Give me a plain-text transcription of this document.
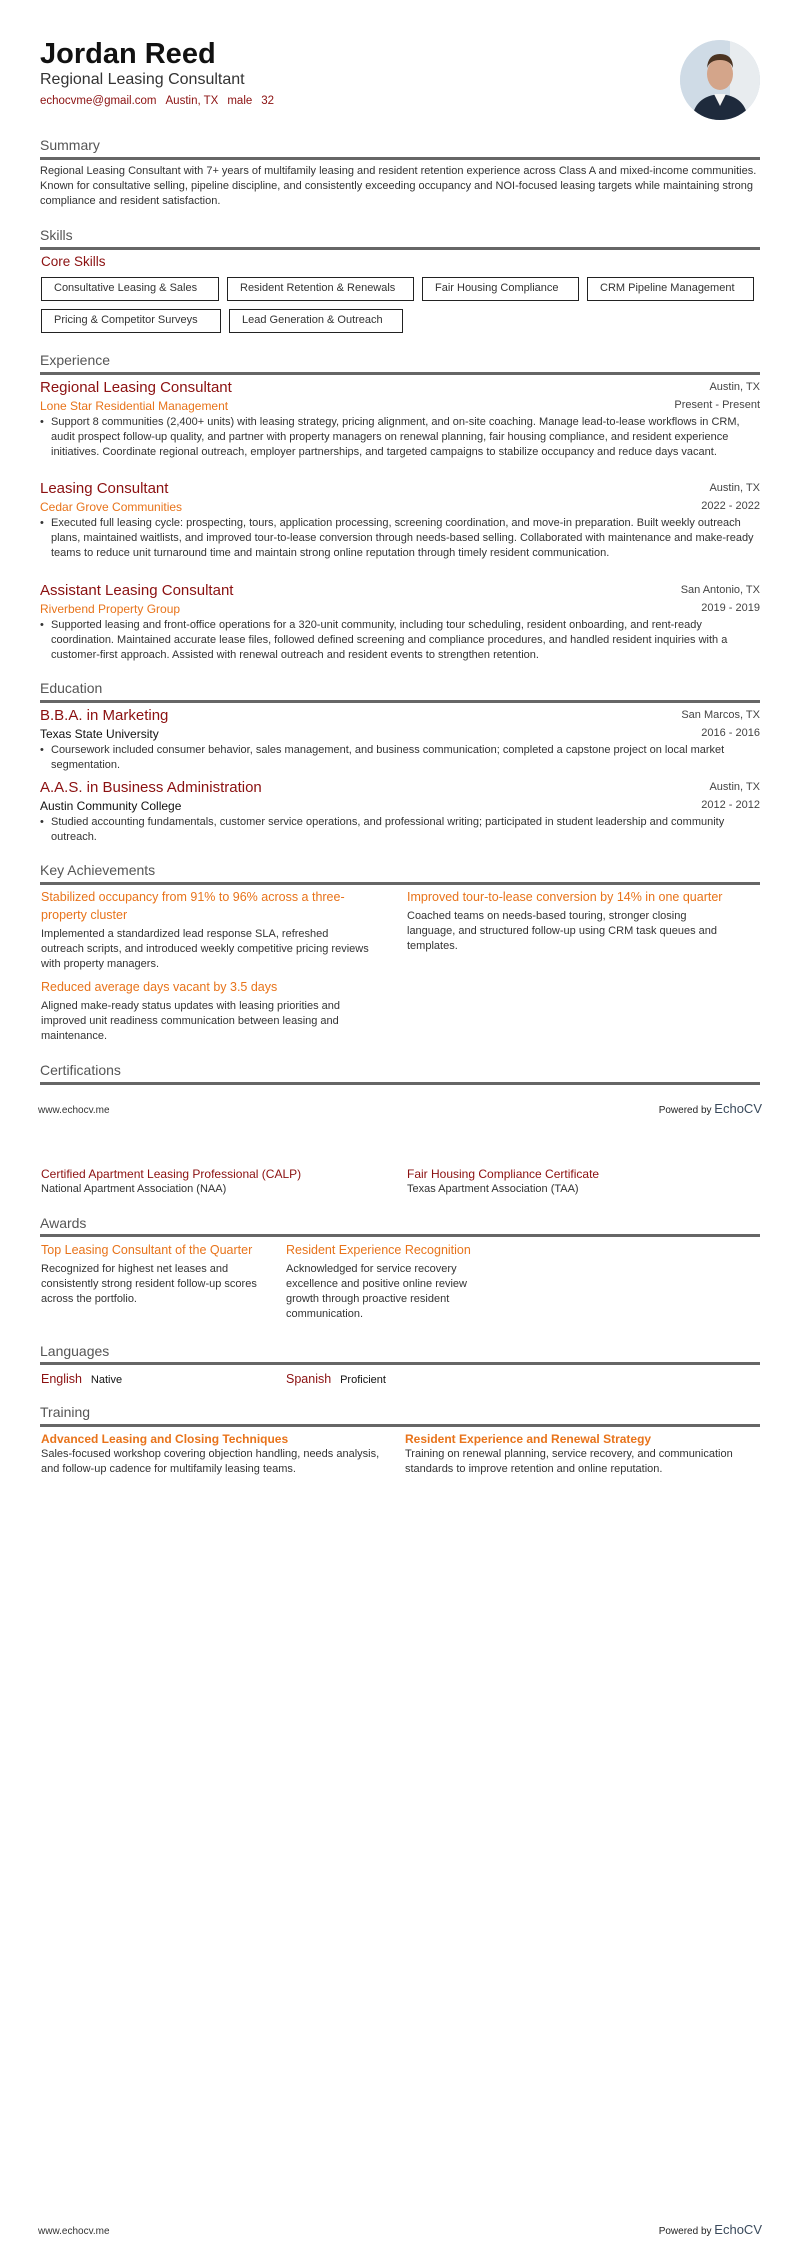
Jordan Reed
Regional Leasing Consultant
echocvme@gmail.com Austin, TX male 32
Summary
Regional Leasing Consultant with 7+ years of multifamily leasing and resident retention experience across Class A and mixed-income communities. Known for consultative selling, pipeline discipline, and consistently exceeding occupancy and NOI-focused leasing targets while maintaining strong compliance and resident satisfaction.
Skills
Core Skills
Consultative Leasing & Sales	Resident Retention & Renewals	Fair Housing Compliance	CRM Pipeline Management
Pricing & Competitor Surveys	Lead Generation & Outreach
Experience
Regional Leasing Consultant	Austin, TX
Lone Star Residential Management	Present - Present
• Support 8 communities (2,400+ units) with leasing strategy, pricing alignment, and on-site coaching. Manage lead-to-lease workflows in CRM, audit prospect follow-up quality, and partner with property managers on renewal planning, fair housing compliance, and resident experience initiatives. Coordinate regional outreach, employer partnerships, and targeted campaigns to stabilize occupancy and reduce days vacant.
Leasing Consultant	Austin, TX
Cedar Grove Communities	2022 - 2022
• Executed full leasing cycle: prospecting, tours, application processing, screening coordination, and move-in preparation. Built weekly outreach plans, maintained waitlists, and improved tour-to-lease conversion through needs-based selling. Collaborated with maintenance and make-ready teams to reduce unit turnaround time and maintain strong online reputation through timely resident communication.
Assistant Leasing Consultant	San Antonio, TX
Riverbend Property Group	2019 - 2019
• Supported leasing and front-office operations for a 320-unit community, including tour scheduling, resident onboarding, and rent-ready coordination. Maintained accurate lease files, followed defined screening and compliance procedures, and handled resident inquiries with a customer-first approach. Assisted with renewal outreach and resident events to strengthen retention.
Education
B.B.A. in Marketing	San Marcos, TX
Texas State University	2016 - 2016
• Coursework included consumer behavior, sales management, and business communication; completed a capstone project on local market segmentation.
A.A.S. in Business Administration	Austin, TX
Austin Community College	2012 - 2012
• Studied accounting fundamentals, customer service operations, and professional writing; participated in student leadership and community outreach.
Key Achievements
Stabilized occupancy from 91% to 96% across a three-property cluster
Implemented a standardized lead response SLA, refreshed outreach scripts, and introduced weekly competitive pricing reviews with property managers.
Improved tour-to-lease conversion by 14% in one quarter
Coached teams on needs-based touring, stronger closing language, and structured follow-up using CRM task queues and templates.
Reduced average days vacant by 3.5 days
Aligned make-ready status updates with leasing priorities and improved unit readiness communication between leasing and maintenance.
Certifications
www.echocv.me	Powered by EchoCV
Certified Apartment Leasing Professional (CALP)
National Apartment Association (NAA)
Fair Housing Compliance Certificate
Texas Apartment Association (TAA)
Awards
Top Leasing Consultant of the Quarter
Recognized for highest net leases and consistently strong resident follow-up scores across the portfolio.
Resident Experience Recognition
Acknowledged for service recovery excellence and positive online review growth through proactive resident communication.
Languages
English Native	Spanish Proficient
Training
Advanced Leasing and Closing Techniques
Sales-focused workshop covering objection handling, needs analysis, and follow-up cadence for multifamily leasing teams.
Resident Experience and Renewal Strategy
Training on renewal planning, service recovery, and communication standards to improve retention and online reputation.
www.echocv.me	Powered by EchoCV
